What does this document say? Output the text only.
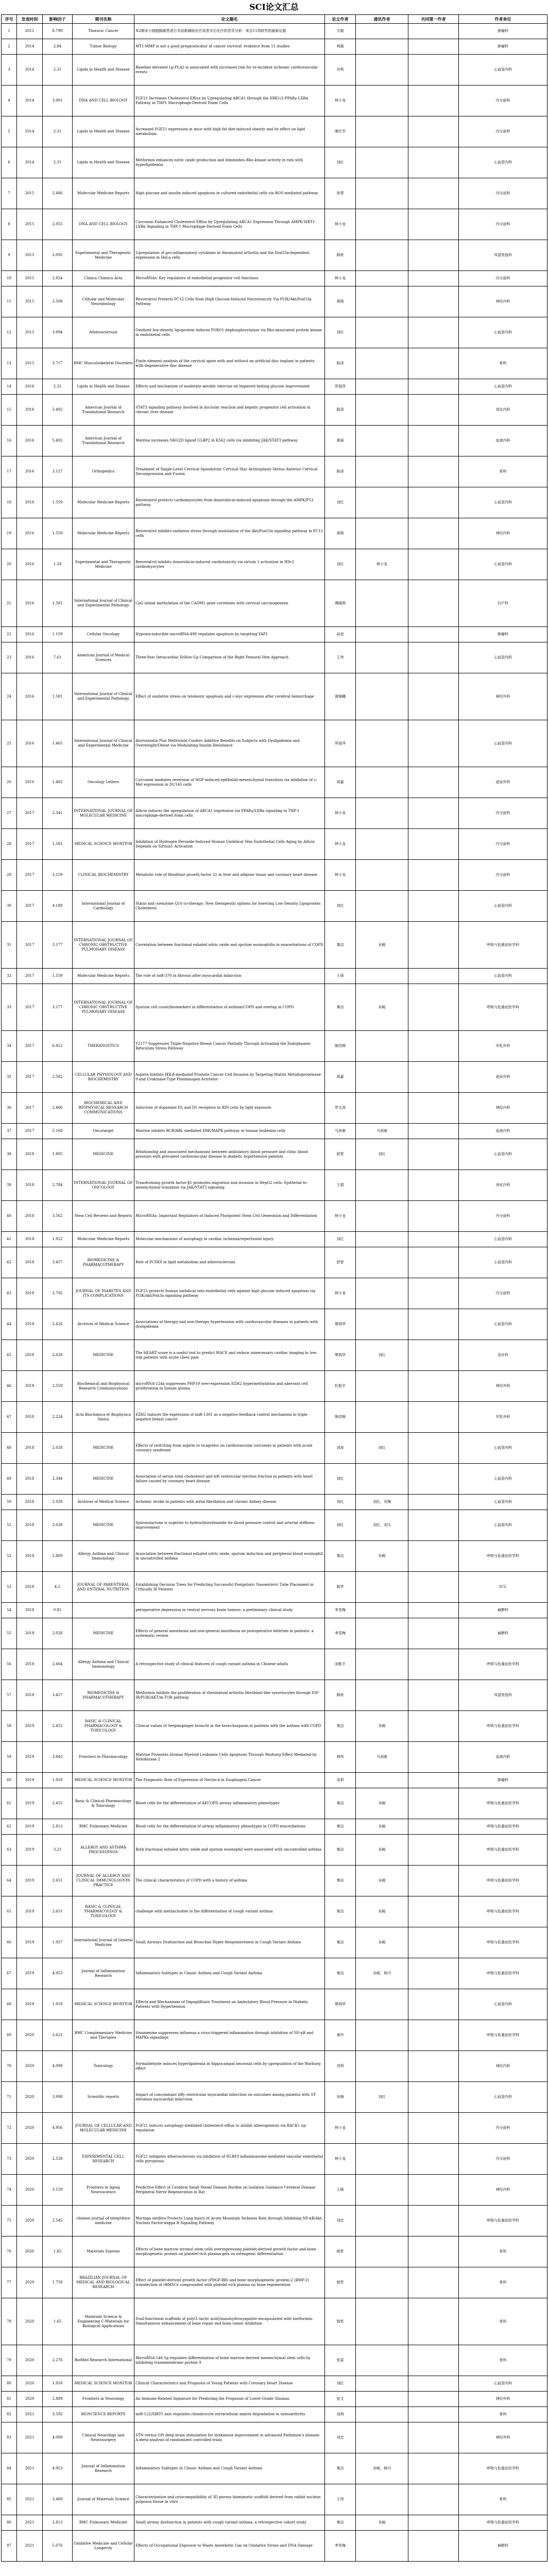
SCI论文汇总
序号	发表时间	影响因子	期刊名称	论文题名	论文作者	通讯作者	共同第一作者	作者单位
1	2012	8.799	Thoracic Cancer	N2期非小细胞肺癌患者行术前新辅助化疗或者术后化疗的荟萃分析：来自11项研究的最新证据	方毅			肿瘤科
2	2014	2.84	Tumor Biology	MT1-MMP is not a good prognosticator of cancer survival: evidence from 11 studies	林霞			肿瘤科
3	2014	2.31	Lipids in Health and Disease	Baseline elevated Lp-PLA2 is associated with increased risk for re-incident ischemic cardiovascular events	肖鸣			心血管内科
4	2014	3.991	DNA AND CELL BIOLOGY	FGF21 Increases Cholesterol Efflux by Upregulating ABCA1 through the ERK1/2-PPARγ-LXRα Pathway in THP1 Macrophage-Derived Foam Cells	林小龙			内分泌科
5	2014	2.31	Lipids in Health and Disease	Increased FGF21 expression in mice with high-fat diet-induced obesity and its effect on lipid metabolism	廖仕芳			内分泌科
6	2014	2.31	Lipids in Health and Disease	Metformin enhances nitric oxide production and diminishes Rho kinase activity in rats with hyperlipidemia	刘红			心血管内科
7	2015	2.486	Molecular Medicine Reports	High glucose and insulin induced apoptosis in cultured endothelial cells via ROS-mediated pathway	徐青			内分泌科
8	2015	2.055	DNA AND CELL BIOLOGY	Curcumin Enhanced Cholesterol Efflux by Upregulating ABCA1 Expression Through AMPK-SIRT1-LXRα Signaling in THP-1 Macrophage-Derived Foam Cells	林小龙			内分泌科
9	2015	2.095	Experimental and Therapeutic Medicine	Upregulation of pro-inflammatory cytokines in rheumatoid arthritis and the FoxO3a-dependent expression in HeLa cells	陈秋			风湿免疫科
10	2015	2.824	Clinica Chimica Acta	MicroRNAs: Key regulators of endothelial progenitor cell functions	林小龙			内分泌科
11	2015	2.506	Cellular and Molecular Neurobiology	Resveratrol Protects PC12 Cells from High Glucose-Induced Neurotoxicity Via PI3K/Akt/FoxO3a Pathway	胡杨			神经内科
12	2015	3.994	Atherosclerosis	Oxidized low-density lipoprotein induces FOXO1 dephosphorylation via Rho-associated protein kinase in endothelial cells	刘红			心血管内科
13	2015	3.717	BMC Musculoskeletal Disorders	Finite element analysis of the cervical spine with and without an artificial disc implant in patients with degenerative disc disease	陈泽			骨科
14	2016	2.31	Lipids in Health and Disease	Effects and mechanism of moderate aerobic exercise on impaired fasting glucose improvement	罗丽萍			心血管内科
15	2016	5.402	American Journal of Translational Research	STAT3 signaling pathway involved in ductular reaction and hepatic progenitor cell activation in chronic liver disease	陈清			消化内科
16	2016	5.402	American Journal of Translational Research	Matrine increases NKG2D ligand ULBP2 in K562 cells via inhibiting JAK/STAT3 pathway	黄丽			血液内科
17	2016	3.127	Orthopedics	Treatment of Single-Level Cervical Spondylotic Cervical Disc Arthroplasty Versus Anterior Cervical Decompression and Fusion	陈泽			骨科
18	2016	1.559	Molecular Medicine Reports	Resveratrol protects cardiomyocytes from doxorubicin-induced apoptosis through the AMPK/P53 pathway	刘红			心血管内科
19	2016	1.559	Molecular Medicine Reports	Resveratrol inhibits oxidative stress through modulation of the Akt/FoxO3a signaling pathway in PC12 cells	胡杨			神经内科
20	2016	1.28	Experimental and Therapeutic Medicine	Resveratrol inhibits doxorubicin-induced cardiotoxicity via sirtuin 1 activation in H9c2 cardiomyocytes	刘红	林小龙		心血管内科
21	2016	1.581	International Journal of Clinical and Experimental Pathology	CpG island methylation of the CADM1 gene correlates with cervical carcinogenesis	谭晓燕			妇产科
22	2016	1.159	Cellular Oncology	Hypoxia-inducible microRNA-498 regulates apoptosis by targeting YAP1	孙进			肿瘤科
23	2016	7.61	American Journal of Medical Sciences	Three-Year Intracardiac Follow-Up Comparison of the Right Femoral Vein Approach	王伟			心血管内科
24	2016	1.581	International Journal of Clinical and Experimental Pathology	Effect of oxidative stress on telomeric apoptosis and c-myc expression after cerebral hemorrhage	黄锦曦			神经外科
25	2016	1.465	International Journal of Clinical and Experimental Medicine	Atorvastatin Plus Metformin Confers Additive Benefits on Subjects with Dyslipidemia and Overweight/Obese via Modulating Insulin Resistance	罗丽萍			心血管内科
26	2016	1.482	Oncology Letters	Curcumin mediates reversion of HGF-induced epithelial-mesenchymal transition via inhibition of c-Met expression in DU145 cells	胡嘉			泌尿外科
27	2017	2.341	INTERNATIONAL JOURNAL OF MOLECULAR MEDICINE	Allicin induces the upregulation of ABCA1 expression via PPARγ/LXRα signaling in THP-1 macrophage-derived foam cells	林小龙			内分泌科
28	2017	1.581	MEDICAL SCIENCE MONITOR	Inhibition of Hydrogen Peroxide-Induced Human Umbilical Vein Endothelial Cells Aging by Allicin Depends on Sirtuin1 Activation	林小龙			内分泌科
29	2017	3.159	CLINICAL BIOCHEMISTRY	Metabolic role of fibroblast growth factor 21 in liver and adipose tissue and coronary heart disease	林小龙			内分泌科
30	2017	4.189	International Journal of Cardiology	Statin and coenzyme Q10 co-therapy: New therapeutic options for lowering Low-Density Lipoprotein Cholesterol	刘红			心血管内科
31	2017	3.177	INTERNATIONAL JOURNAL OF CHRONIC OBSTRUCTIVE PULMONARY DISEASE	Correlation between fractional exhaled nitric oxide and sputum eosinophilia in exacerbations of COPD	秦洁	吴峻		呼吸与危重症医学科
32	2017	1.559	Molecular Medicine Reports	The role of miR-370 in fibrosis after myocardial infarction	王琦			心血管内科
33	2017	3.177	INTERNATIONAL JOURNAL OF CHRONIC OBSTRUCTIVE PULMONARY DISEASE	Sputum cell count/biomarkers in differentiation of asthma/COPD and overlap in COPD	秦洁	吴峻		呼吸与危重症医学科
34	2017	6.812	THERANOSTICS	Y2177 Suppresses Triple-Negative Breast Cancer Partially Through Activating the Endoplasmic Reticulum Stress Pathway	陈绍锦			甲乳外科
35	2017	2.582	CELLULAR PHYSIOLOGY AND BIOCHEMISTRY	Aspirin Inhibits IKK-β-mediated Prostate Cancer Cell Invasion by Targeting Matrix Metalloproteinase-9 and Urokinase-Type Plasminogen Activator	胡嘉			泌尿外科
36	2017	2.466	BIOCHEMICAL AND BIOPHYSICAL RESEARCH COMMUNICATIONS	Induction of dopamine D1 and D5 receptors in RIN cells by light exposure	罗文涛			神经内科
37	2017	5.168	Oncotarget	Matrine inhibits BCR/ABL mediated ERK/MAPK pathway in human leukemia cells	马剑豪	马剑豪		血液内科
38	2018	1.805	MEDICINE	Relationship and associated mechanisms between ambulatory blood pressure and clinic blood pressure with prevalent cardiovascular disease in diabetic hypertensive patients	舒智	刘红		心血管内科
39	2018	2.784	INTERNATIONAL JOURNAL OF ONCOLOGY	Transforming growth factor-β1 promotes migration and invasion in HepG2 cells: Epithelial-to-mesenchymal transition via JAK/STAT3 signaling	王娟			消化内科
40	2018	3.562	Stem Cell Reviews and Reports	MicroRNAs: Important Regulators of Induced Pluripotent Stem Cell Generation and Differentiation	林小龙			内分泌科
41	2018	1.922	Molecular Medicine Reports	Molecular mechanisms of autophagy in cardiac ischemia/reperfusion injury	刘红			心血管内科
42	2018	3.457	BIOMEDICINE & PHARMACOTHERAPY	Role of PCSK9 in lipid metabolism and atherosclerosis	舒智			心血管内科
43	2018	2.792	JOURNAL OF DIABETES AND ITS COMPLICATIONS	FGF21 protects human umbilical vein endothelial cells against high glucose induced apoptosis via PI3K/Akt/Fox3a signaling pathway	林小龙			内分泌科
44	2018	2.426	Archives of Medical Science	Associations of therapy and non-therapy hypertension with cardiovascular diseases in patients with dyslipidemia	覃鸿华			心血管内科
45	2018	2.028	MEDICINE	The HEART score is a useful tool to predict MACE and reduce unnecessary cardiac imaging in low-risk patients with acute chest pain	覃鸿华	刘红		急诊科
46	2018	2.559	Biochemical and Biophysical Research Communications	microRNA-124a suppresses PHF19 over-expression EZH2 hypermethylation and aberrant cell proliferation in human glioma	杜振宇			神经外科
47	2018	2.224	Acta Biochimica et Biophysica Sinica	EZH2 induces the expression of miR-1301 as a negative feedback control mechanism in triple negative breast cancer	陈绍锦			甲乳外科
48	2018	2.028	MEDICINE	Effects of switching from aspirin to ticagrelor on cardiovascular outcomes in patients with acute coronary syndrome	刘波	刘红		心血管内科
49	2018	2.344	MEDICINE	Association of serum total cholesterol and left ventricular ejection fraction in patients with heart failure caused by coronary heart disease	刘红			心血管内科
50	2018	2.028	Archives of Medical Science	Ischemic stroke in patients with atrial fibrillation and chronic kidney disease	刘红	刘红，吴梅		心血管内科
51	2018	2.028	MEDICINE	Spironolactone is superior to hydrochlorothiazide for blood pressure control and arterial stiffness improvement	刘红	刘红，刘凡		心血管内科
52	2018	2.869	Allergy Asthma and Clinical Immunology	Association between fractional exhaled nitric oxide, sputum induction and peripheral blood eosinophil in uncontrolled asthma	秦洁	吴峻		呼吸与危重症医学科
53	2018	4.2	JOURNAL OF PARENTERAL AND ENTERAL NUTRITION	Establishing Decision Trees for Predicting Successful Postpyloric Nasoenteric Tube Placement in Critically Ill Patients	陈华			ICU
54	2018	0.81		perioperative depression in central nervous brain tumors: a preliminary clinical study	李雪梅			麻醉科
55	2018	2.028	MEDICINE	Effects of general anesthesia and non-general anesthesia on postoperative delirium in patients: a systematic review	李雪梅			麻醉科
56	2018	2.664	Allergy Asthma and Clinical Immunology	A retrospective study of clinical features of cough variant asthma in Chinese adults	刘胜平			呼吸与危重症医学科
57	2018	3.457	BIOMEDICINE & PHARMACOTHERAPY	Metformin inhibits the proliferation of rheumatoid arthritis fibroblast-like synoviocytes through IGF-IR/PI3K/AKT/m-TOR pathway	陈秋			风湿免疫科
58	2019	2.452	BASIC & CLINICAL PHARMACOLOGY & TOXICOLOGY	Clinical values of Serpinspinger bronchi in the bronchospasm in patients with the asthma with COPD	秦洁	吴峻		呼吸与危重症医学科
59	2019	3.845	Frontiers in Pharmacology	Matrine Promotes Human Myeloid Leukemia Cells Apoptosis Through Warburg Effect Mediated by Hexokinase 2	林伟	马剑豪		血液内科
60	2019	1.918	MEDICAL SCIENCE MONITOR	The Prognostic Role of Expression of Nectin-4 in Esophageal Cancer	邓莉			肿瘤科
61	2019	2.452	Basic & Clinical Pharmacology & Toxicology	Blood cells for the differentiation of AECOPD airway inflammatory phenotypes	秦洁	吴峻		呼吸与危重症医学科
62	2019	2.813	BMC Pulmonary Medicine	Blood cells for the differentiation of airway inflammatory phenotypes in COPD exacerbations	秦洁	吴峻		呼吸与危重症医学科
63	2019	3.21	ALLERGY AND ASTHMA PROCEEDINGS	Both fractional exhaled nitric oxide and sputum eosinophil were associated with uncontrolled asthma	秦洁	吴峻		呼吸与危重症医学科
64	2019	2.651	JOURNAL OF ALLERGY AND CLINICAL IMMUNOLOGY-IN PRACTICE	The clinical characteristics of COPD with a history of asthma	秦洁	吴峻		呼吸与危重症医学科
65	2019	2.651	BASIC & CLINICAL PHARMACOLOGY & TOXICOLOGY	challenge with methacholine in the differentiation of cough variant asthma	秦洁	吴峻		呼吸与危重症医学科
66	2019	1.927	International Journal of General Medicine	Small Airways Dysfunction and Bronchial Hyper-Responsiveness in Cough Variant Asthma	秦洁	吴峻		呼吸与危重症医学科
67	2019	4.953	Journal of Inflammation Research	Inflammatory Subtypes in Classic Asthma and Cough Variant Asthma	秦洁	吴峻，杨丹		呼吸与危重症医学科
68	2019	1.918	MEDICAL SCIENCE MONITOR	Effects and Mechanisms of Dapagliflozin Treatment on Ambulatory Blood Pressure in Diabetic Patients with Hypertension	覃鸿华			心血管内科
69	2020	2.621	BMC Complementary Medicine and Therapies	Sinomenine suppresses influenza a virus-triggered inflammation through inhibition of NF-κB and MAPKs signalings	黄玲			呼吸与危重症医学科
70	2020	4.099	Toxicology	Formaldehyde induces hyperlipidemia in hippocampal neuronal cells by upregulation of the Warburg effect	刘利			神经内科
71	2020	3.998	Scientific reports	Impact of concomitant tiffy ventricular myocardial infarction on outcomes among patients with ST-elevation myocardial infarction	吴梅	刘红		心血管内科
72	2020	4.956	JOURNAL OF CELLULAR AND MOLECULAR MEDICINE	FGF21 induces autophagy-mediated cholesterol efflux to inhibit atherogenesis via RACK1 up-regulation	林小龙			内分泌科
73	2020	2.528	EXPERIMENTAL CELL RESEARCH	FGF21 mitigates atherosclerosis via inhibition of NLRP3 inflammasome-mediated vascular endothelial cells pyroptosis	林小龙			内分泌科
74	2020	3.159	Frontiers in Aging Neuroscience	Predictive Effect of Cerebral Small Vessel Disease Burden on Isolation Guidance Cerebral Disease Peripheral Nerve Regeneration in Rat	王媛			神经内科
75	2020	2.545	chinese journal of integrative medicine	Moringa oleifera Protects Lung Injury of Acute Mountain Sickness Rats through Inhibiting NF-κB/Akt, Nuclear Factor-kappa B Signaling Pathway	刘忠			呼吸与危重症医学科
76	2020	1.65	Materials Express	Effects of bone marrow stromal stem cells overexpressing platelet-derived growth factor and bone morphogenetic protein on platelet-rich plasma gels on osteogenic differentiation	杨哲			骨科
77	2020	1.759	BRAZILIAN JOURNAL OF MEDICAL AND BIOLOGICAL RESEARCH	Effect of platelet-derived growth factor (PDGF-BB) and bone morphogenetic protein-2 (BMP-2) transfection of rBMSCs compounded with platelet-rich plasma on bone regeneration	杨哲			骨科
78	2020	1.65	Materials Science & Engineering C-Materials for Biological Applications	Dual-functional scaffolds of poly(L-lactic acid)/nanohydroxyapatite encapsulated with metformin: Simultaneous enhancement of bone repair and bone tumor inhibition	杨哲			骨科
79	2020	2.276	BioMed Research International	MicroRNA-146-5p regulates differentiation of bone marrow-derived mesenchymal stem cells by inhibiting transmembrane protein 9	张雷			骨科
80	2020	1.918	MEDICAL SCIENCE MONITOR	Clinical Characteristics and Prognosis of Young Patients with Coronary Heart Disease	刘红			心血管内科
81	2020	2.889	Frontiers in Neurology	An Immune-Related Signature for Predicting the Prognosis of Lower-Grade Gliomas	张文			神经外科
82	2021	3.592	BIOSCIENCE REPORTS	miR-122/SIRT1 axis regulates chondrocyte extracellular matrix degradation in osteoarthritis	刘利			骨科
83	2021	4.089	Clinical Neurology and Neurosurgery	STN versus GPi deep brain stimulation for dyskinesia improvement in advanced Parkinson's disease: A meta-analysis of randomized controlled trials	刘忠			神经外科
84	2021	4.953	Journal of Inflammation Research	Inflammatory Subtypes in Classic Asthma and Cough Variant Asthma	秦洁	吴峻，杨丹		呼吸与危重症医学科
85	2021	3.489	Journal of Materials Science	Characterization and cytocompatibility of 3D porous biomimetic scaffold derived from rabbit nucleus pulposus tissue in vitro	王伟			骨科
86	2021	2.813	BMC Pulmonary Medicine	Small airway dysfunction in patients with cough variant asthma: a retrospective cohort study	秦洁	吴峻		呼吸与危重症医学科
87	2021	5.076	Oxidative Medicine and Cellular Longevity	Effects of Occupational Exposure to Waste Anesthetic Gas on Oxidative Stress and DNA Damage	李雪梅			麻醉科
